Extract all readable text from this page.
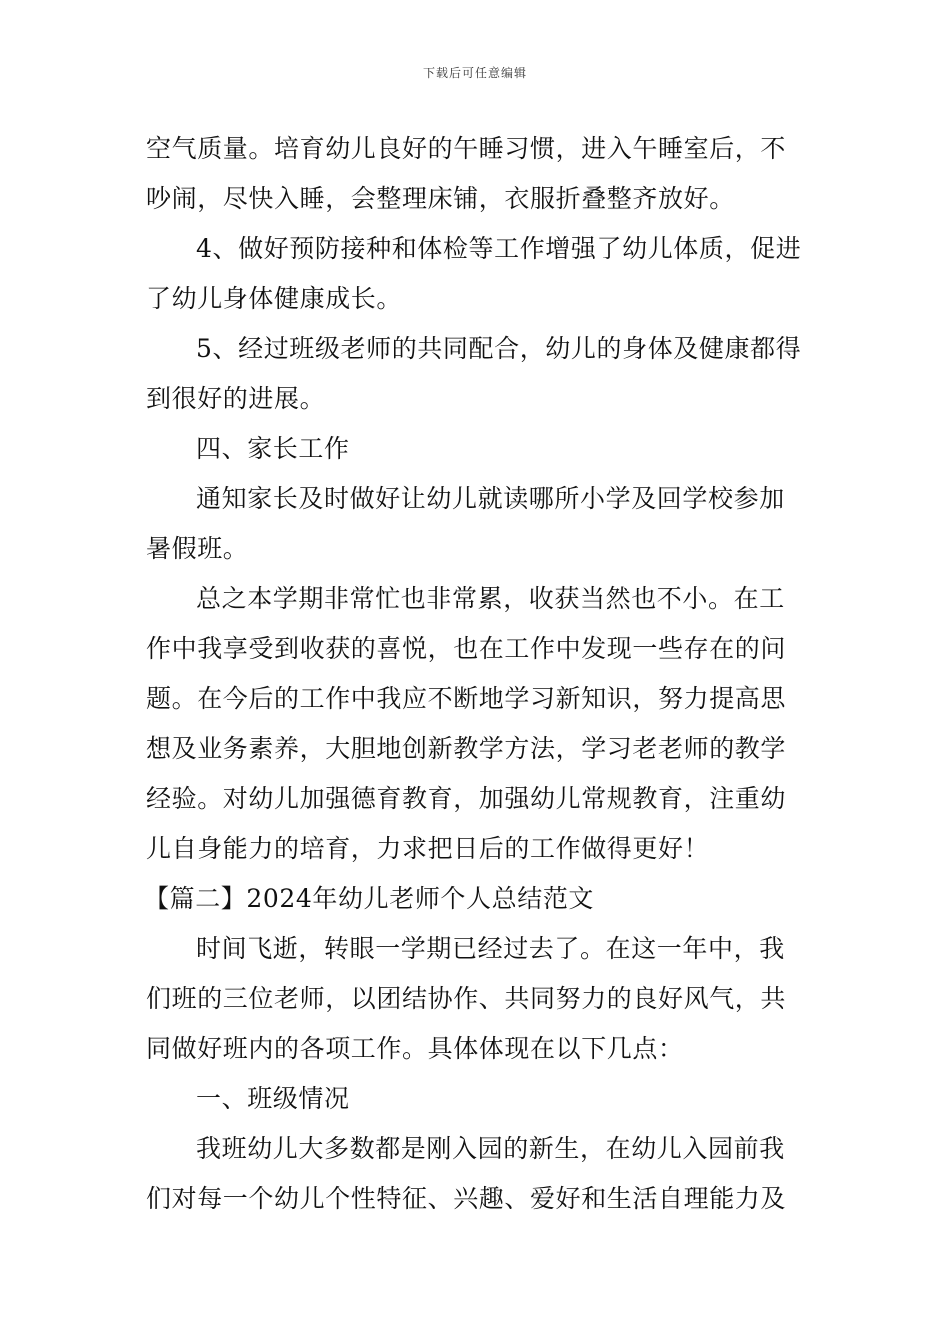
下载后可任意编辑
空气质量。培育幼儿良好的午睡习惯，进入午睡室后，不
吵闹，尽快入睡，会整理床铺，衣服折叠整齐放好。
4、做好预防接种和体检等工作增强了幼儿体质，促进
了幼儿身体健康成长。
5、经过班级老师的共同配合，幼儿的身体及健康都得
到很好的进展。
四、家长工作
通知家长及时做好让幼儿就读哪所小学及回学校参加
暑假班。
总之本学期非常忙也非常累，收获当然也不小。在工
作中我享受到收获的喜悦，也在工作中发现一些存在的问
题。在今后的工作中我应不断地学习新知识，努力提高思
想及业务素养，大胆地创新教学方法，学习老老师的教学
经验。对幼儿加强德育教育，加强幼儿常规教育，注重幼
儿自身能力的培育，力求把日后的工作做得更好！
【篇二】2024年幼儿老师个人总结范文
时间飞逝，转眼一学期已经过去了。在这一年中，我
们班的三位老师，以团结协作、共同努力的良好风气，共
同做好班内的各项工作。具体体现在以下几点：
一、班级情况
我班幼儿大多数都是刚入园的新生，在幼儿入园前我
们对每一个幼儿个性特征、兴趣、爱好和生活自理能力及
